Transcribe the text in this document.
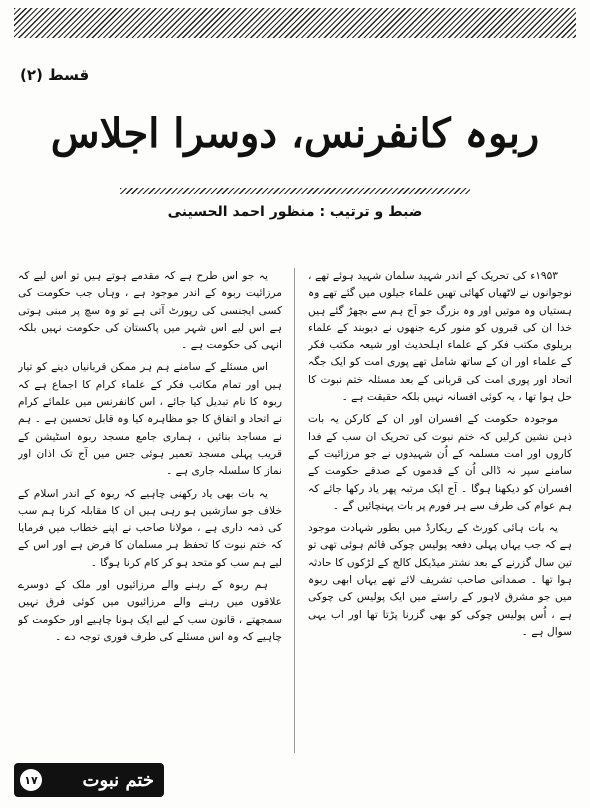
قسط (۲)
ربوہ کانفرنس، دوسرا اجلاس
ضبط و ترتیب : منظور احمد الحسینی

۱۹۵۳ء کی تحریک کے اندر شہید سلمان شہید ہوئے تھے ، نوجوانوں نے لاٹھیاں کھائی تھیں علماء جیلوں میں گئے تھے وہ ہستیاں وہ موتیں اور وہ بزرگ جو آج ہم سے بچھڑ گئے ہیں خدا ان کی قبروں کو منور کرے جنھوں نے دیوبند کے علماء بریلوی مکتب فکر کے علماء اہلحدیث اور شیعہ مکتب فکر کے علماء اور ان کے ساتھ شامل تھے پوری امت کو ایک جگہ اتحاد اور پوری امت کی قربانی کے بعد مسئلہ ختم نبوت کا حل ہوا تھا ، یہ کوئی افسانہ نہیں بلکہ حقیقت ہے ۔

موجودہ حکومت کے افسران اور ان کے کارکن یہ بات ذہن نشین کرلیں کہ ختم نبوت کی تحریک ان سب کے فدا کاروں اور امت مسلمہ کے اُن شہیدوں نے جو مرزائیت کے سامنے سپر نہ ڈالی اُن کے قدموں کے صدقے حکومت کے افسران کو دیکھنا ہوگا ۔ آج ایک مرتبہ پھر یاد رکھا جائے کہ ہم عوام کی طرف سے ہر فورم پر بات پہنچائیں گے ۔

یہ بات ہائی کورٹ کے ریکارڈ میں بطور شہادت موجود ہے کہ جب یہاں پہلی دفعہ پولیس چوکی قائم ہوئی تھی تو تین سال گزرنے کے بعد نشتر میڈیکل کالج کے لڑکوں کا حادثہ ہوا تھا ۔ صمدانی صاحب تشریف لائے تھے یہاں ابھی ربوہ میں جو مشرق لاہور کے راستے میں ایک پولیس کی چوکی ہے ، اُس پولیس چوکی کو بھی گزرنا پڑتا تھا اور اب یہی سوال ہے ۔

یہ جو اس طرح ہے کہ مقدمے ہوتے ہیں تو اس لیے کہ مرزائیت ربوہ کے اندر موجود ہے ، وہاں جب حکومت کی کسی ایجنسی کی رپورٹ آتی ہے تو وہ سچ پر مبنی ہوتی ہے اس لیے اس شہر میں پاکستان کی حکومت نہیں بلکہ انہی کی حکومت ہے ۔

اس مسئلے کے سامنے ہم ہر ممکن قربانیاں دینے کو تیار ہیں اور تمام مکاتب فکر کے علماء کرام کا اجماع ہے کہ ربوہ کا نام تبدیل کیا جائے ، اس کانفرنس میں علمائے کرام نے اتحاد و اتفاق کا جو مظاہرہ کیا وہ قابل تحسین ہے ۔ ہم نے مساجد بنائیں ، ہماری جامع مسجد ربوہ اسٹیشن کے قریب پہلی مسجد تعمیر ہوئی جس میں آج تک اذان اور نماز کا سلسلہ جاری ہے ۔

یہ بات بھی یاد رکھنی چاہیے کہ ربوہ کے اندر اسلام کے خلاف جو سازشیں ہو رہی ہیں ان کا مقابلہ کرنا ہم سب کی ذمہ داری ہے ، مولانا صاحب نے اپنے خطاب میں فرمایا کہ ختم نبوت کا تحفظ ہر مسلمان کا فرض ہے اور اس کے لیے ہم سب کو متحد ہو کر کام کرنا ہوگا ۔

ہم ربوہ کے رہنے والے مرزائیوں اور ملک کے دوسرے علاقوں میں رہنے والے مرزائیوں میں کوئی فرق نہیں سمجھتے ، قانون سب کے لیے ایک ہونا چاہیے اور حکومت کو چاہیے کہ وہ اس مسئلے کی طرف فوری توجہ دے ۔

۱۷ ختم نبوت
